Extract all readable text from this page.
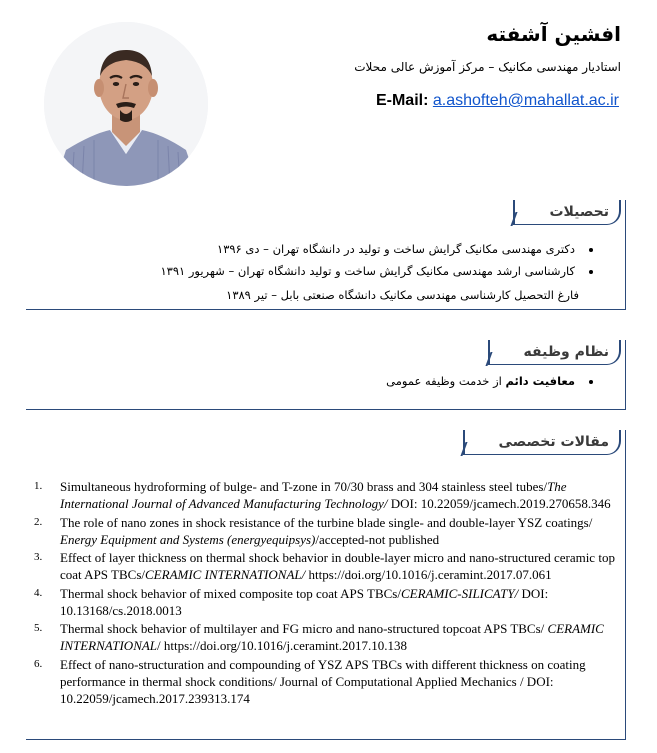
افشین آشفته
استادیار مهندسی مکانیک – مرکز آموزش عالی محلات
E-Mail: a.ashofteh@mahallat.ac.ir
تحصیلات
• دکتری مهندسی مکانیک گرایش ساخت و تولید در دانشگاه تهران – دی ۱۳۹۶
• کارشناسی ارشد مهندسی مکانیک گرایش ساخت و تولید دانشگاه تهران – شهریور ۱۳۹۱
فارغ التحصیل کارشناسی مهندسی مکانیک دانشگاه صنعتی بابل – تیر ۱۳۸۹
نظام وظیفه
• معافیت دائم از خدمت وظیفه عمومی
مقالات تخصصی
1. Simultaneous hydroforming of bulge- and T-zone in 70/30 brass and 304 stainless steel tubes/The International Journal of Advanced Manufacturing Technology/ DOI: 10.22059/jcamech.2019.270658.346
2. The role of nano zones in shock resistance of the turbine blade single- and double-layer YSZ coatings/ Energy Equipment and Systems (energyequipsys)/accepted-not published
3. Effect of layer thickness on thermal shock behavior in double-layer micro and nano-structured ceramic top coat APS TBCs/CERAMIC INTERNATIONAL/ https://doi.org/10.1016/j.ceramint.2017.07.061
4. Thermal shock behavior of mixed composite top coat APS TBCs/CERAMIC-SILICATY/ DOI: 10.13168/cs.2018.0013
5. Thermal shock behavior of multilayer and FG micro and nano-structured topcoat APS TBCs/ CERAMIC INTERNATIONAL/ https://doi.org/10.1016/j.ceramint.2017.10.138
6. Effect of nano-structuration and compounding of YSZ APS TBCs with different thickness on coating performance in thermal shock conditions/ Journal of Computational Applied Mechanics / DOI: 10.22059/jcamech.2017.239313.174
